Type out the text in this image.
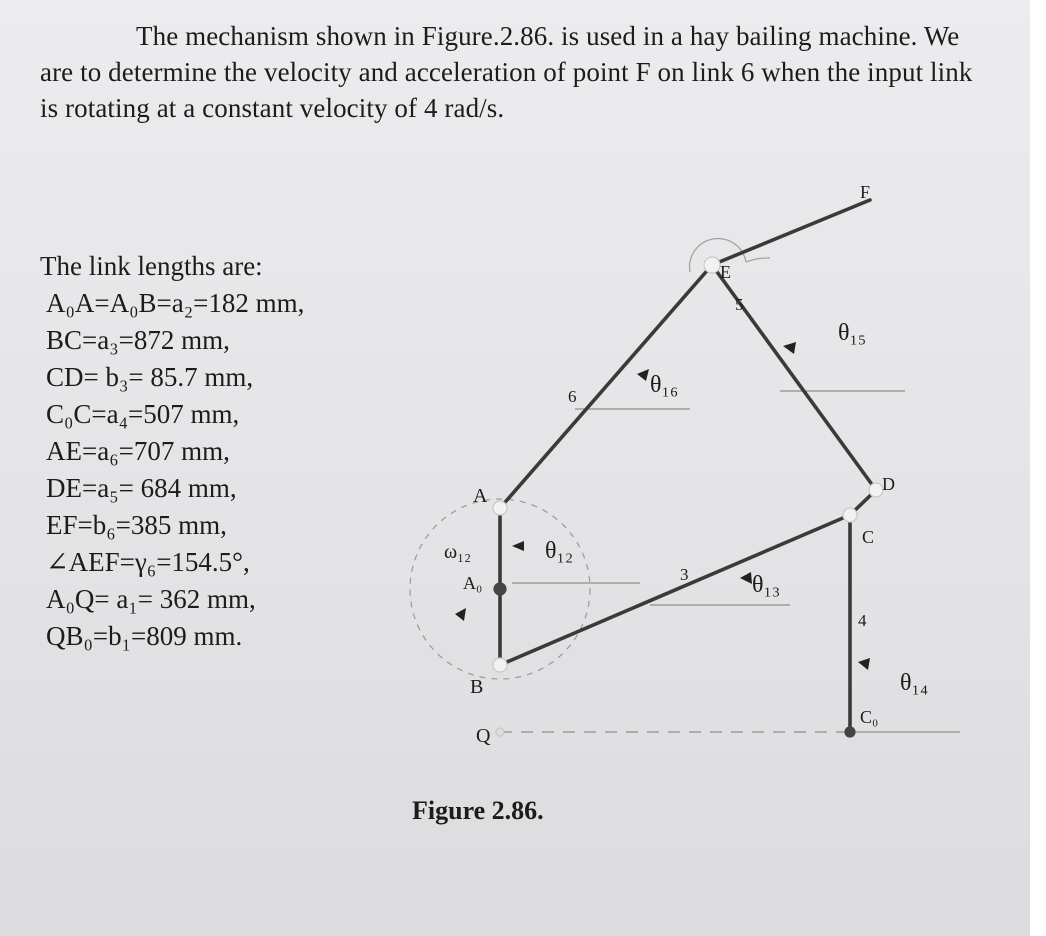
The mechanism shown in Figure.2.86. is used in a hay bailing machine. We are to determine the velocity and acceleration of point F on link 6 when the input link is rotating at a constant velocity of 4 rad/s.

The link lengths are:
A₀A=A₀B=a₂=182 mm,
BC=a₃=872 mm,
CD= b₃= 85.7 mm,
C₀C=a₄=507 mm,
AE=a₆=707 mm,
DE=a₅= 684 mm,
EF=b₆=385 mm,
∠AEF=γ₆=154.5°,
A₀Q= a₁= 362 mm,
QB₀=b₁=809 mm.
A
A₀
B
Q
E
F
D
C
C₀
6
5
3
4
θ₁₂
θ₁₆
θ₁₅
θ₁₃
θ₁₄
ω₁₂
Figure 2.86.
